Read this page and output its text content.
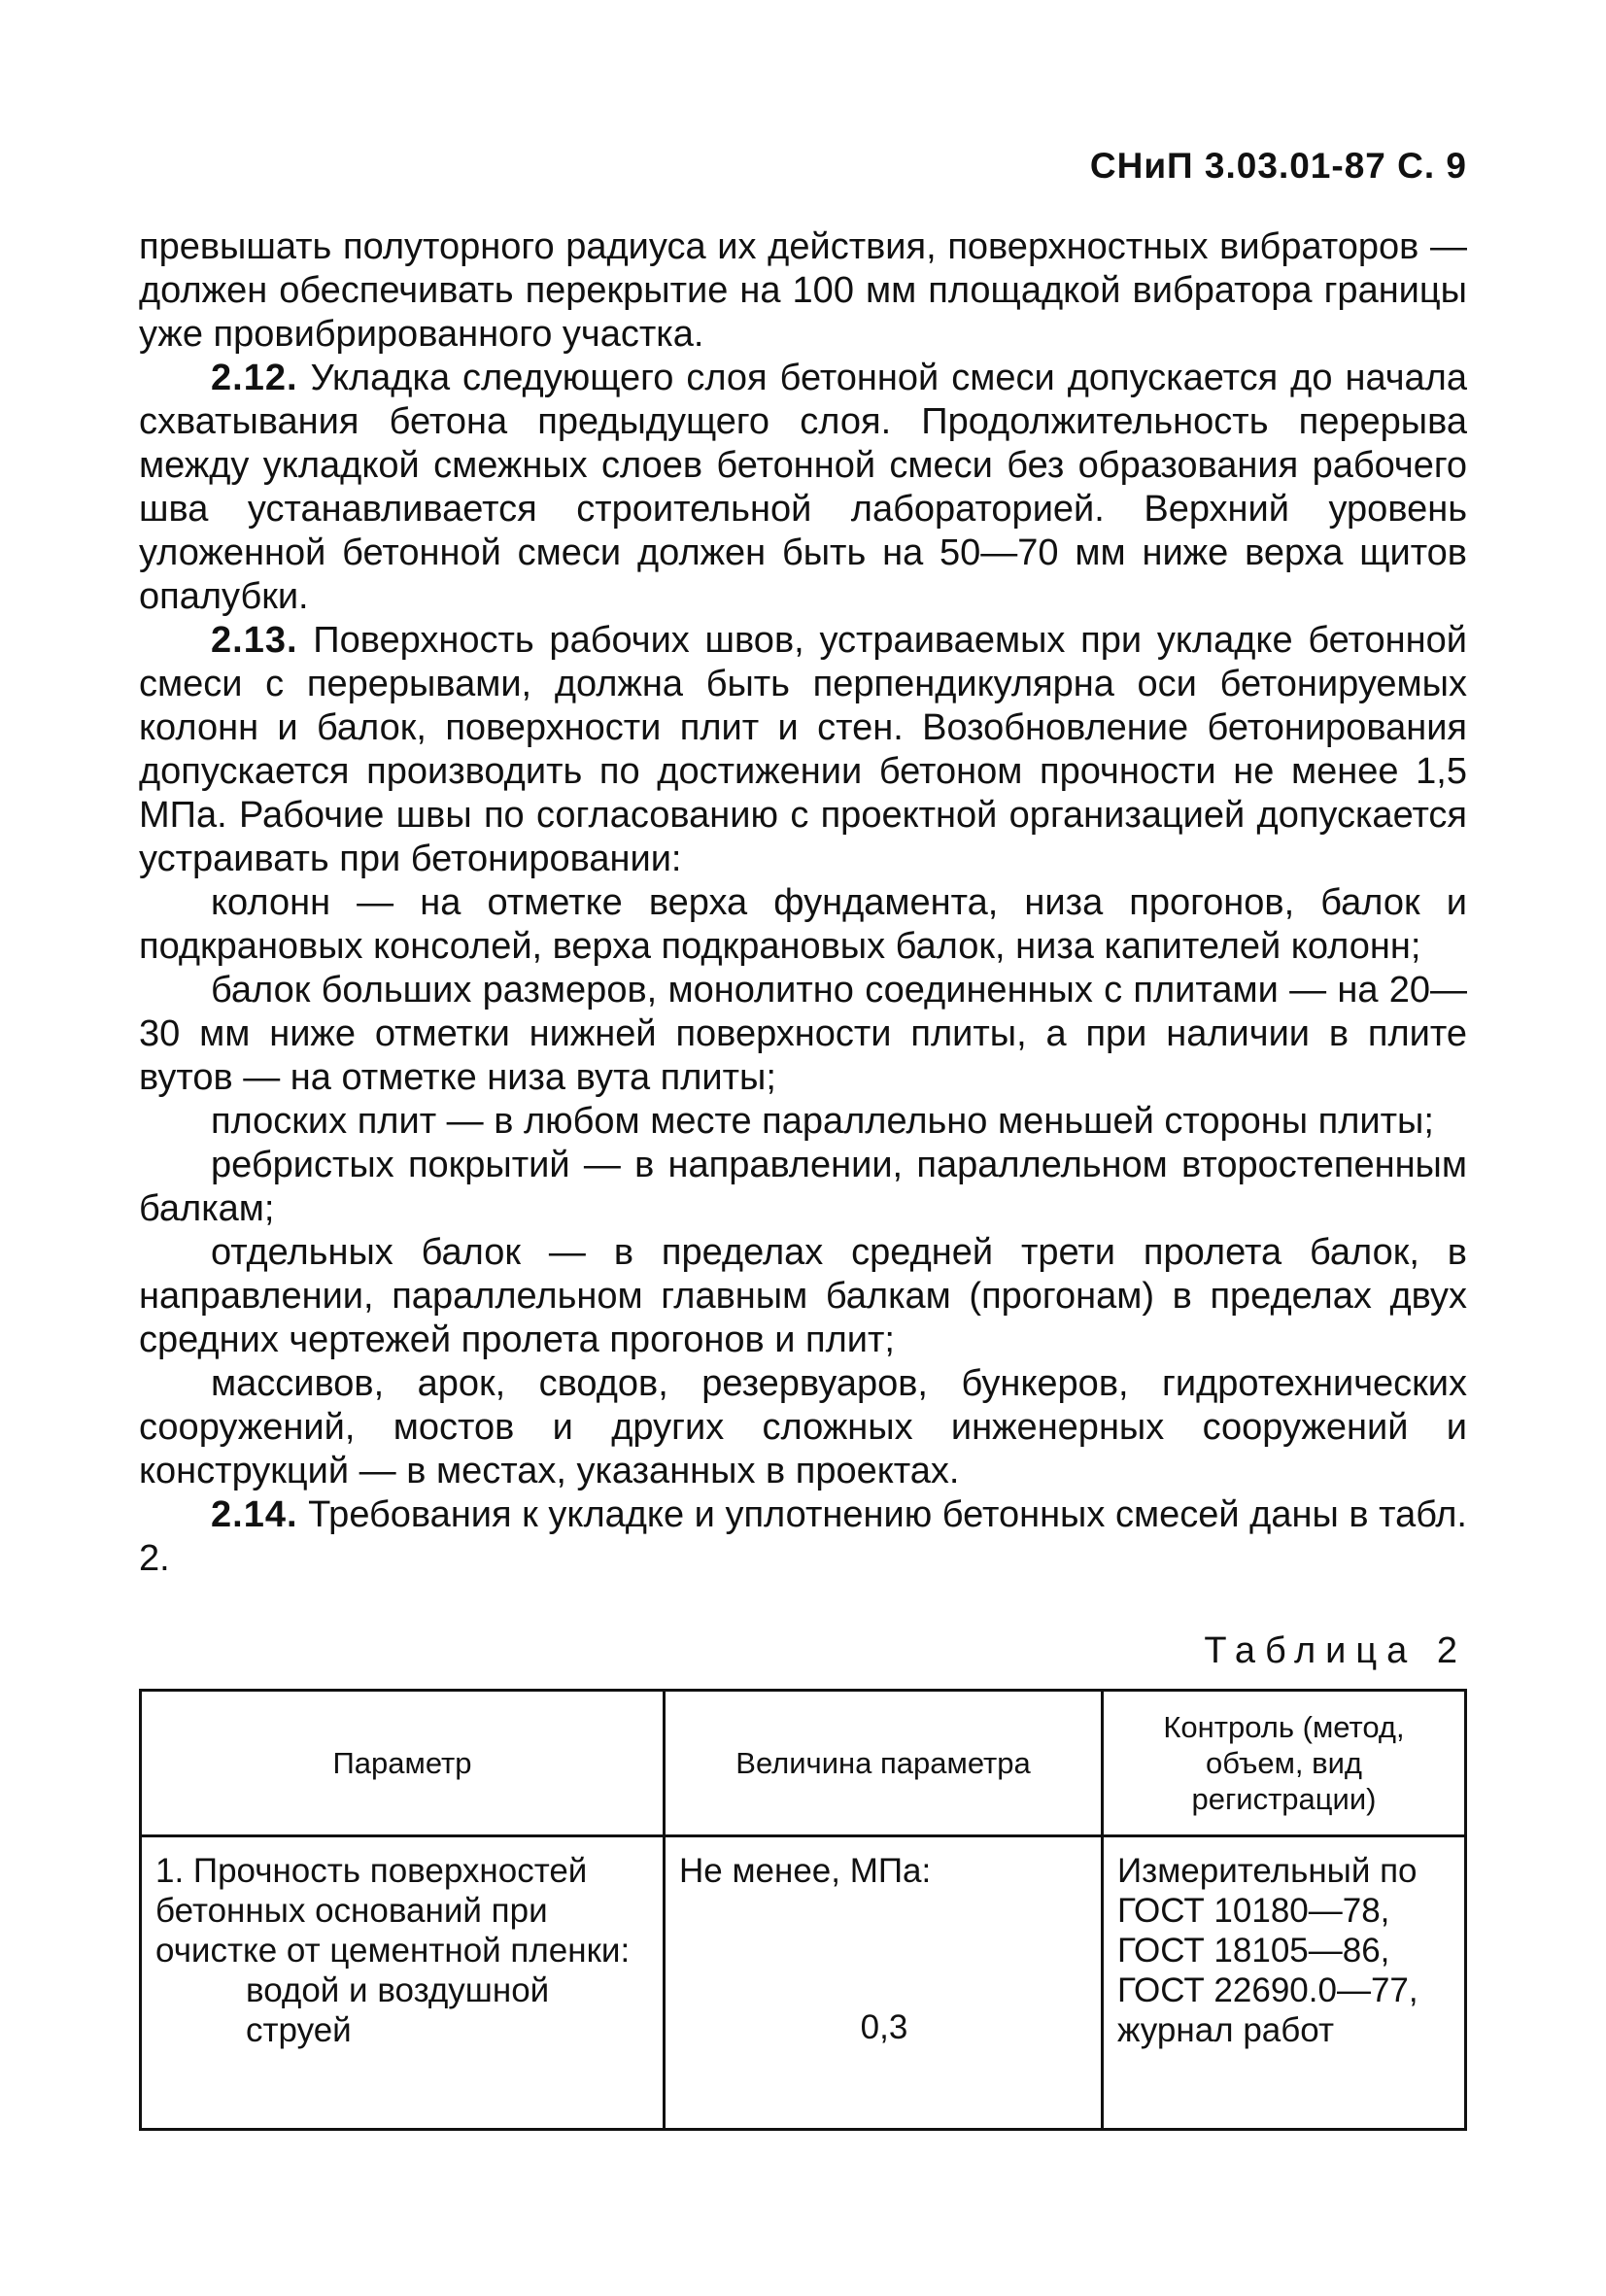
СНиП 3.03.01-87 С. 9

превышать полуторного радиуса их действия, поверхностных вибраторов — должен обеспечивать перекрытие на 100 мм площадкой вибратора границы уже провибрированного участка.

2.12. Укладка следующего слоя бетонной смеси допускается до начала схватывания бетона предыдущего слоя. Продолжительность перерыва между укладкой смежных слоев бетонной смеси без образования рабочего шва устанавливается строительной лабораторией. Верхний уровень уложенной бетонной смеси должен быть на 50—70 мм ниже верха щитов опалубки.

2.13. Поверхность рабочих швов, устраиваемых при укладке бетонной смеси с перерывами, должна быть перпендикулярна оси бетонируемых колонн и балок, поверхности плит и стен. Возобновление бетонирования допускается производить по достижении бетоном прочности не менее 1,5 МПа. Рабочие швы по согласованию с проектной организацией допускается устраивать при бетонировании:

колонн — на отметке верха фундамента, низа прогонов, балок и подкрановых консолей, верха подкрановых балок, низа капителей колонн;

балок больших размеров, монолитно соединенных с плитами — на 20—30 мм ниже отметки нижней поверхности плиты, а при наличии в плите вутов — на отметке низа вута плиты;

плоских плит — в любом месте параллельно меньшей стороны плиты;

ребристых покрытий — в направлении, параллельном второстепенным балкам;

отдельных балок — в пределах средней трети пролета балок, в направлении, параллельном главным балкам (прогонам) в пределах двух средних чертежей пролета прогонов и плит;

массивов, арок, сводов, резервуаров, бункеров, гидротехнических сооружений, мостов и других сложных инженерных сооружений и конструкций — в местах, указанных в проектах.

2.14. Требования к укладке и уплотнению бетонных смесей даны в табл. 2.

Таблица 2
Параметр	Величина параметра
Контроль (метод, объем, вид регистрации)
1. Прочность поверхностей бетонных оснований при очистке от цементной пленки:
водой и воздушной струей
Не менее, МПа:
0,3
Измерительный по ГОСТ 10180—78, ГОСТ 18105—86, ГОСТ 22690.0—77, журнал работ
